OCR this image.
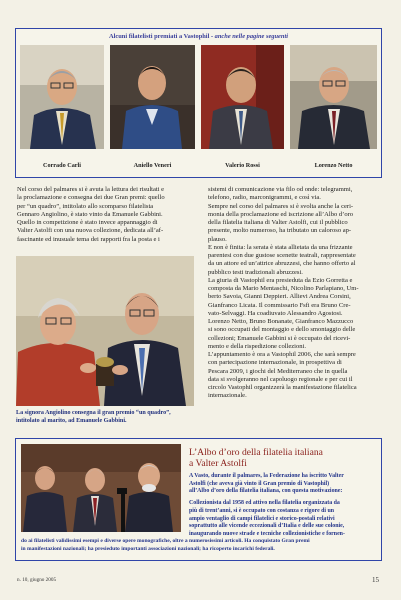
Alcuni filatelisti premiati a Vastophil - anche nelle pagine seguenti
Corrado Carli	Aniello Veneri	Valerio Rossi	Lorenzo Netto

Nel corso del palmares si è avuta la lettura dei risultati e

la proclamazione e consegna dei due Gran premi: quello

per “un quadro”, intitolato allo scomparso filatelista

Gennaro Angiolino, è stato vinto da Emanuele Gabbini.

Quello in competizione è stato invece appannaggio di

Valter Astolfi con una nuova collezione, dedicata all’af-

fascinante ed inusuale tema dei rapporti fra la posta e i

La signora Angiolino consegna il gran premio “un quadro”,
intitolato al marito, ad Emanuele Gabbini.

sistemi di comunicazione via filo od onde: telegrammi,

telefono, radio, marconigrammi, e così via.

Sempre nel corso del palmares si è svolta anche la ceri-

monia della proclamazione ed iscrizione all’Albo d’oro

della filatelia italiana di Valter Astolfi, cui il pubblico

presente, molto numeroso, ha tributato un caloroso ap-

plauso.

E non è finita: la serata è stata allietata da una frizzante

parentesi con due gustose scenette teatrali, rappresentate

da un attore ed un’attrice abruzzesi, che hanno offerto al

pubblico testi tradizionali abruzzesi.

La giuria di Vastophil era presieduta da Ezio Gorretta e

composta da Mario Mentaschi, Nicolino Parlapiano, Um-

berto Savoia, Gianni Deppieri. Allievi Andrea Corsini,

Gianfranco Licata. Il commissario Fsfi era Bruno Cre-

vato-Selvaggi. Ha coadiuvato Alessandro Agostosi.

Lorenzo Netto, Bruno Bonanate, Gianfranco Mazzucco

si sono occupati del montaggio e dello smontaggio delle

collezioni; Emanuele Gabbini si è occupato del ricevi-

mento e della rispedizione collezioni.

L’appuntamento è ora a Vastophil 2006, che sarà sempre

con partecipazione internazionale, in prospettiva di

Pescara 2009, i giochi del Mediterraneo che in quella

data si svolgeranno nel capoluogo regionale e per cui il

circolo Vastophil organizzerà la manifestazione filatelica

internazionale.

L’Albo d’oro della filatelia italiana
a Valter Astolfi
A Vasto, durante il palmares, la Federazione ha iscritto Valter
Astolfi (che aveva già vinto il Gran premio di Vastophil)
all’Albo d’oro della filatelia italiana, con questa motivazione:
Collezionista dal 1958 ed attivo nella filatelia organizzata da
più di trent’anni, si è occupato con costanza e rigore di un
ampio ventaglio di campi filatelici e storico-postali relativi
soprattutto alle vicende eccezionali d’Italia e delle sue colonie,
inaugurando nuove strade e tecniche collezionistiche e fornen-
do ai filatelisti validissimi esempi e diverse opere monografiche, oltre a numerosissimi articoli. Ha conquistato Gran premi
in manifestazioni nazionali; ha presieduto importanti associazioni nazionali; ha ricoperto incarichi federali.
n. 10, giugno 2005	15
